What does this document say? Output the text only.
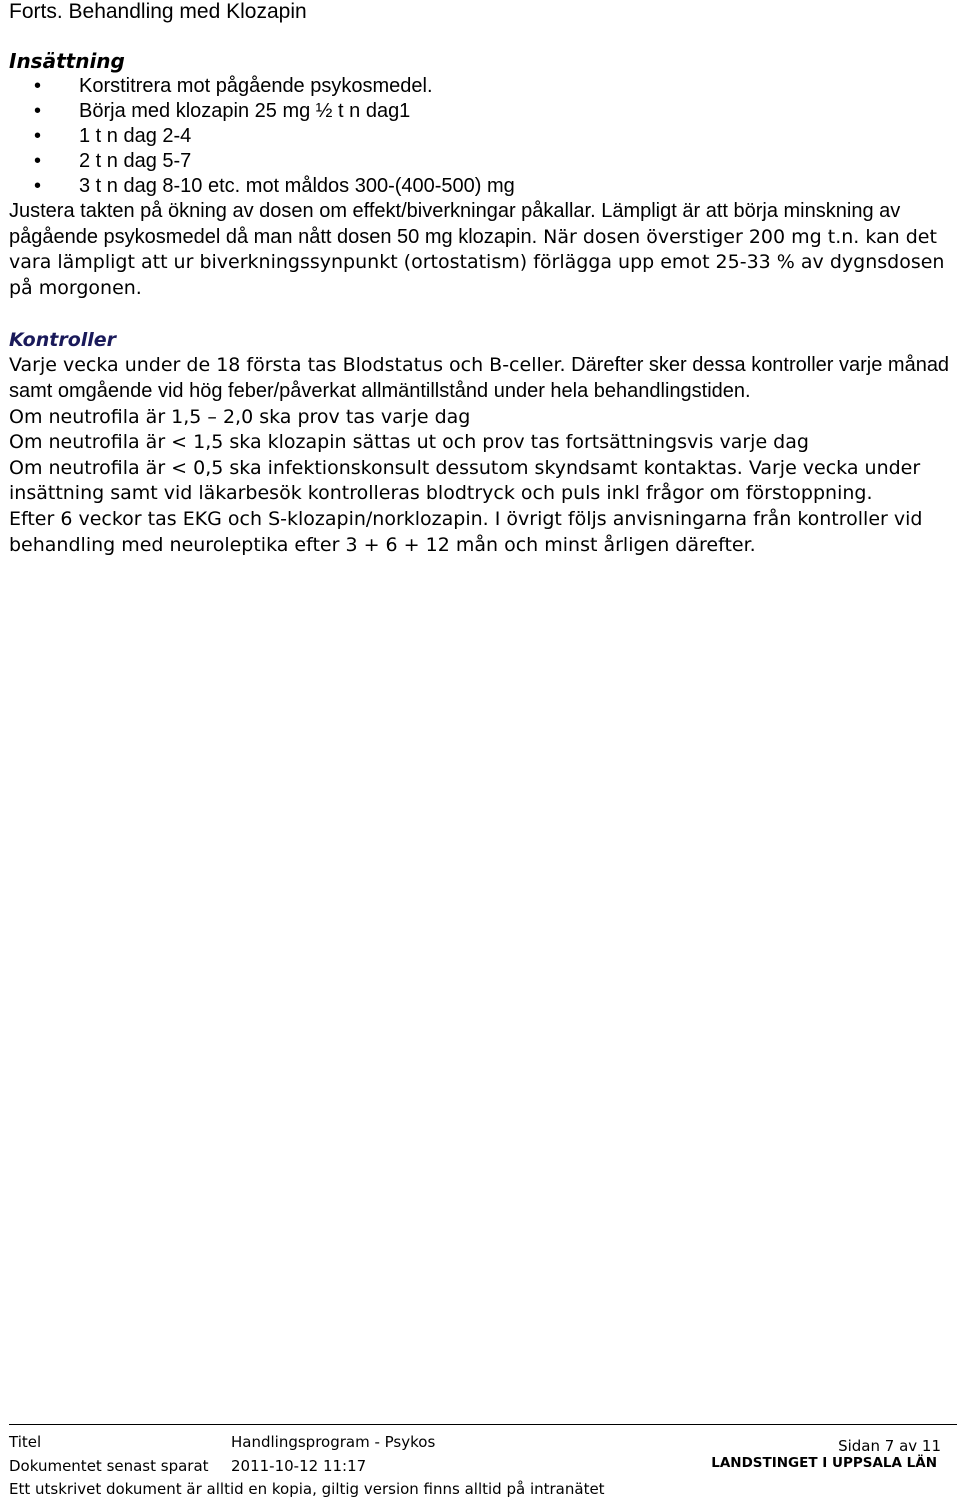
Forts. Behandling med Klozapin
Insättning
• Korstitrera mot pågående psykosmedel.
• Börja med klozapin 25 mg ½ t n dag1
• 1 t n dag 2-4
• 2 t n dag 5-7
• 3 t n dag 8-10 etc. mot måldos 300-(400-500) mg

Justera takten på ökning av dosen om effekt/biverkningar påkallar. Lämpligt är att börja minskning av pågående psykosmedel då man nått dosen 50 mg klozapin. När dosen överstiger 200 mg t.n. kan det vara lämpligt att ur biverkningssynpunkt (ortostatism) förlägga upp emot 25-33 % av dygnsdosen på morgonen.

Kontroller

Varje vecka under de 18 första tas Blodstatus och B-celler. Därefter sker dessa kontroller varje månad samt omgående vid hög feber/påverkat allmäntillstånd under hela behandlingstiden.

Om neutrofila är 1,5 – 2,0 ska prov tas varje dag

Om neutrofila är < 1,5 ska klozapin sättas ut och prov tas fortsättningsvis varje dag

Om neutrofila är < 0,5 ska infektionskonsult dessutom skyndsamt kontaktas. Varje vecka under insättning samt vid läkarbesök kontrolleras blodtryck och puls inkl frågor om förstoppning.

Efter 6 veckor tas EKG och S-klozapin/norklozapin. I övrigt följs anvisningarna från kontroller vid behandling med neuroleptika efter 3 + 6 + 12 mån och minst årligen därefter.

Titel	Handlingsprogram - Psykos
Dokumentet senast sparat 2011-10-12 11:17
Ett utskrivet dokument är alltid en kopia, giltig version finns alltid på intranätet
Sidan 7 av 11
LANDSTINGET I UPPSALA LÄN
